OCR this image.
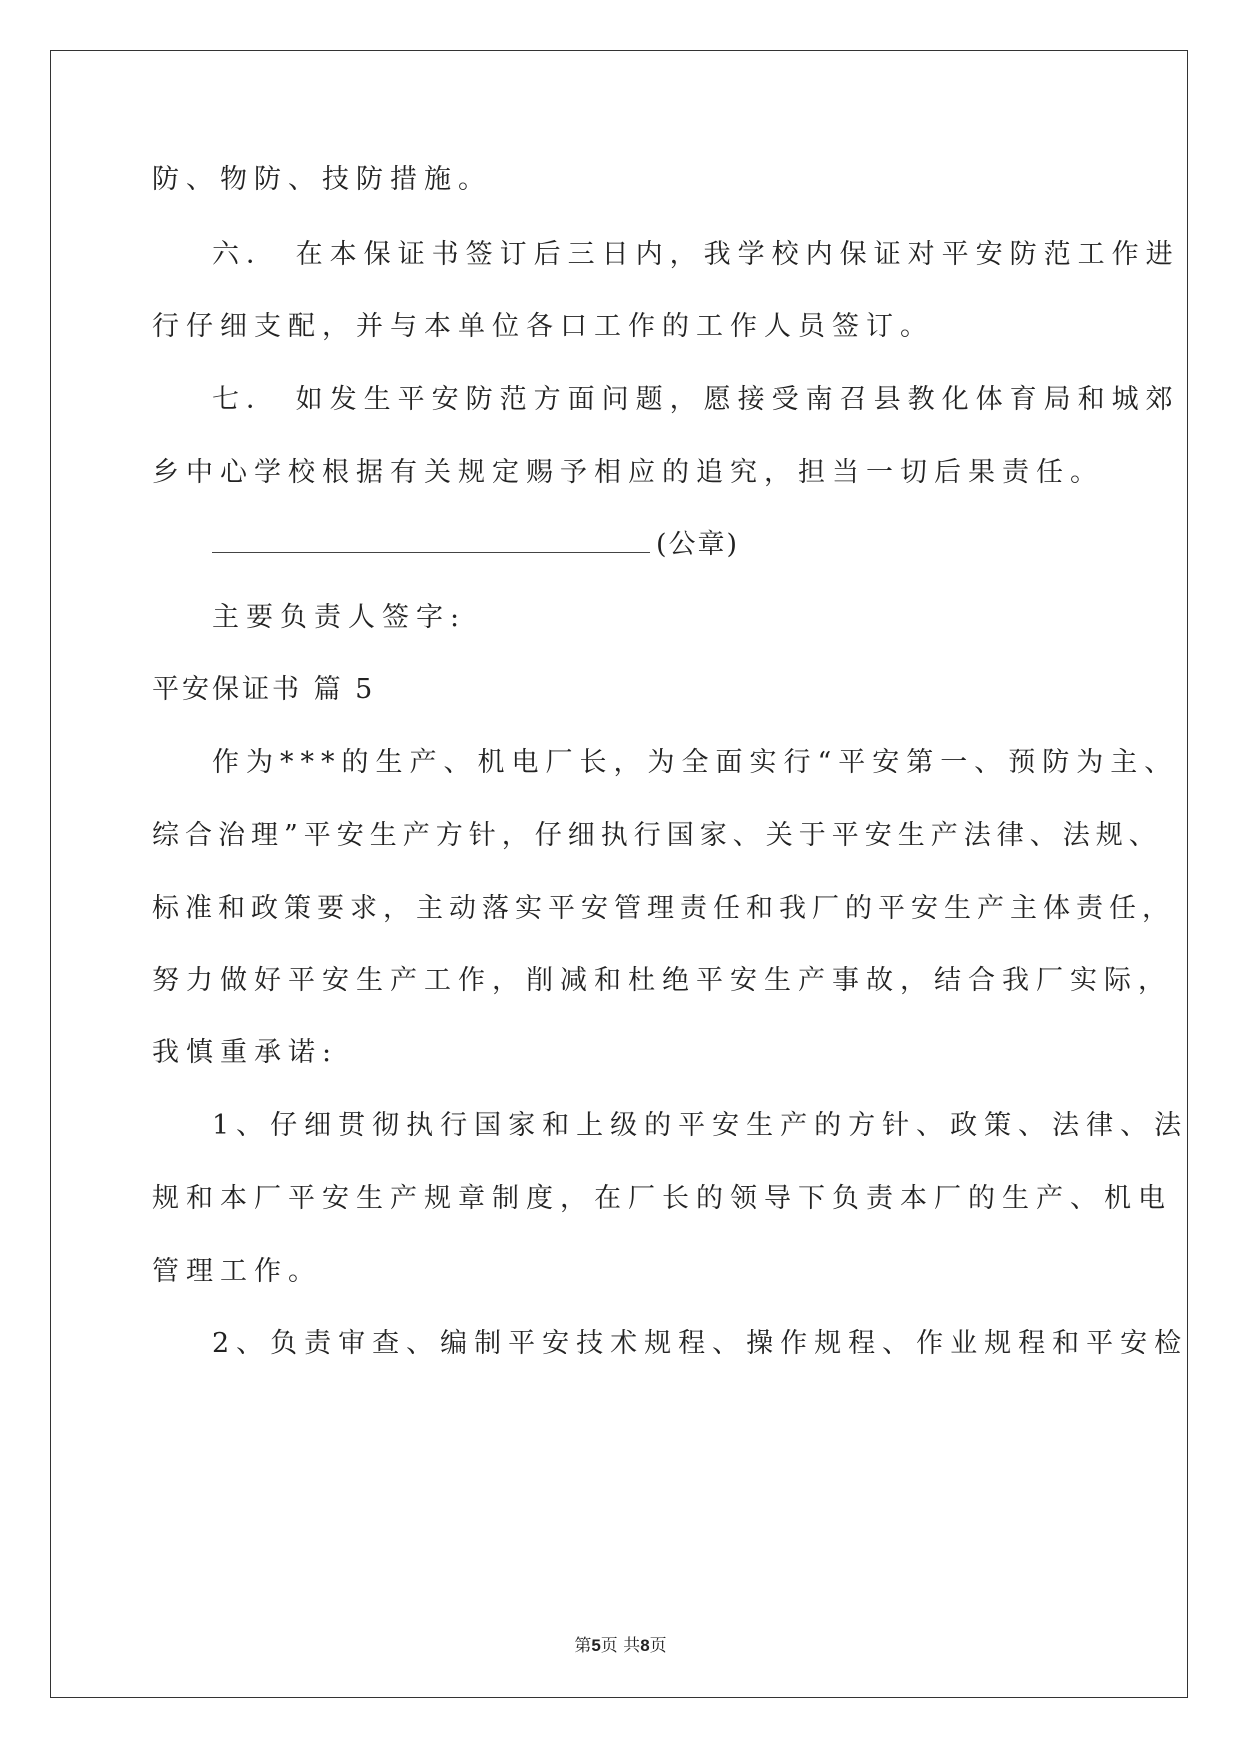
防、物防、技防措施。
六． 在本保证书签订后三日内，我学校内保证对平安防范工作进
行仔细支配，并与本单位各口工作的工作人员签订。
七． 如发生平安防范方面问题，愿接受南召县教化体育局和城郊
乡中心学校根据有关规定赐予相应的追究，担当一切后果责任。
(公章)
主要负责人签字:
平安保证书 篇 5
作为***的生产、机电厂长，为全面实行“平安第一、预防为主、
综合治理”平安生产方针，仔细执行国家、关于平安生产法律、法规、
标准和政策要求，主动落实平安管理责任和我厂的平安生产主体责任，
努力做好平安生产工作，削减和杜绝平安生产事故，结合我厂实际，
我慎重承诺:
1、仔细贯彻执行国家和上级的平安生产的方针、政策、法律、法
规和本厂平安生产规章制度，在厂长的领导下负责本厂的生产、机电
管理工作。
2、负责审查、编制平安技术规程、操作规程、作业规程和平安检
第5页 共8页
